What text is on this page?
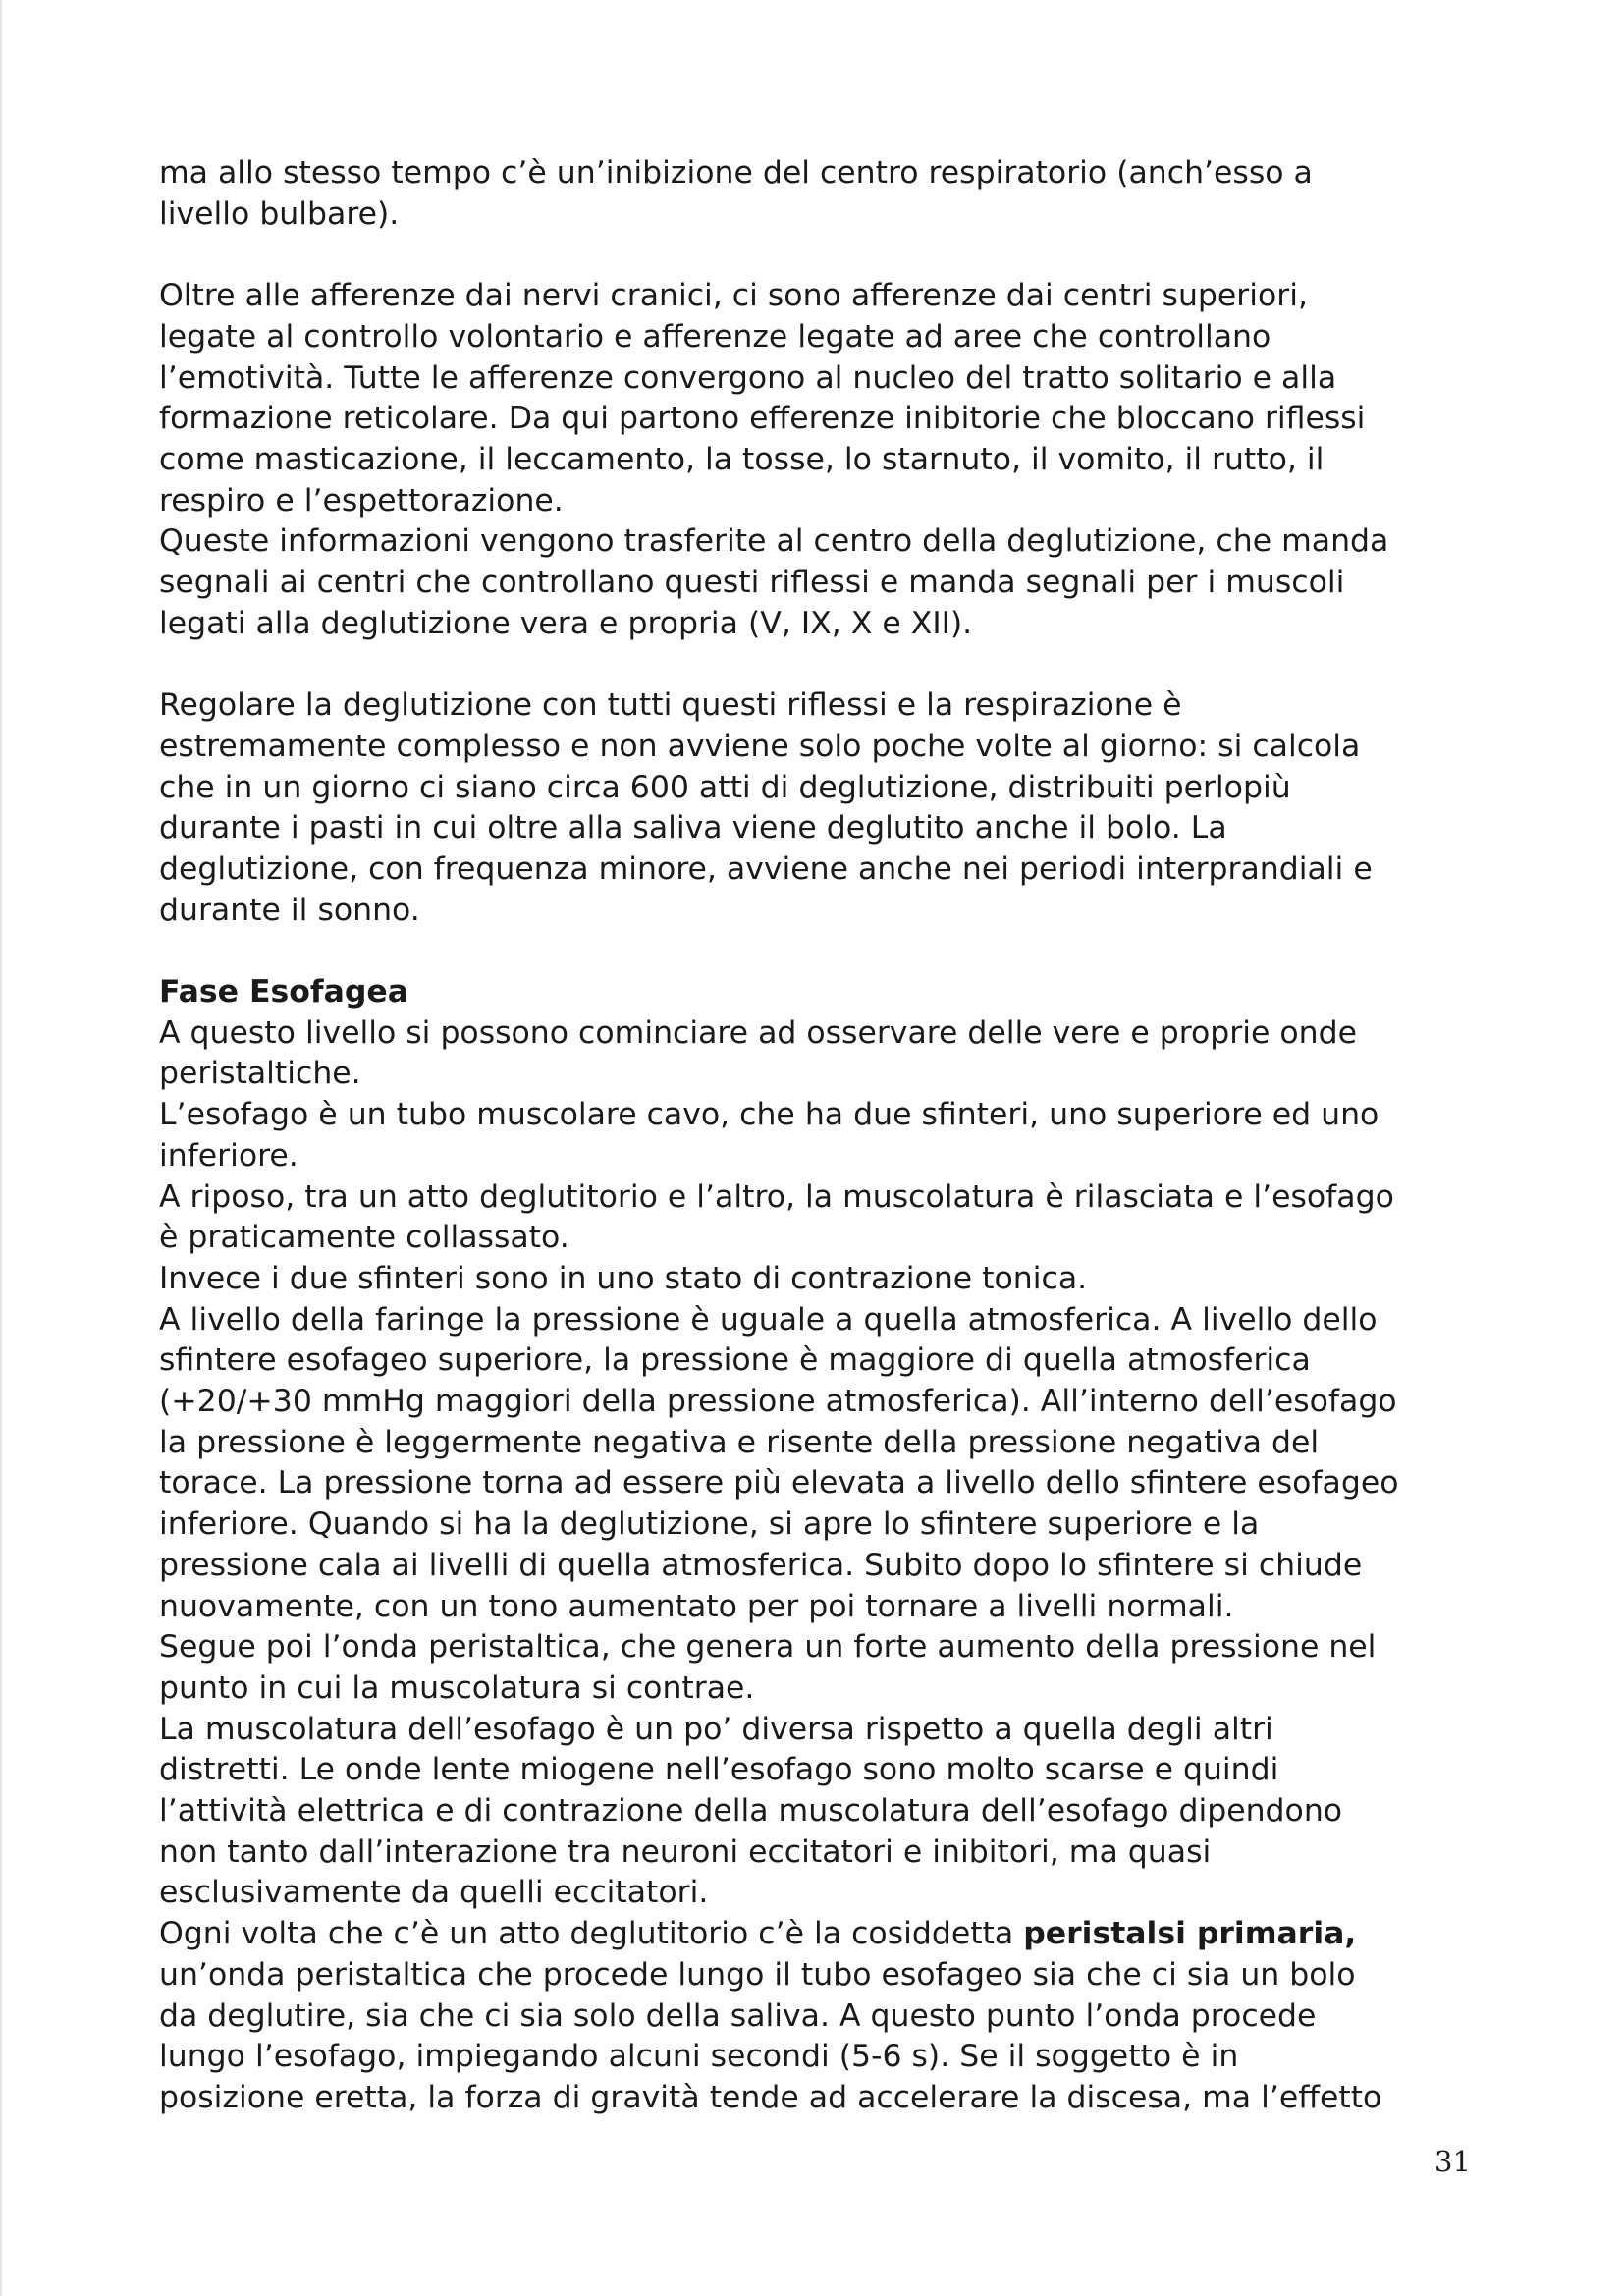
ma allo stesso tempo c’è un’inibizione del centro respiratorio (anch’esso a
livello bulbare).

Oltre alle afferenze dai nervi cranici, ci sono afferenze dai centri superiori,
legate al controllo volontario e afferenze legate ad aree che controllano
l’emotività. Tutte le afferenze convergono al nucleo del tratto solitario e alla
formazione reticolare. Da qui partono efferenze inibitorie che bloccano riflessi
come masticazione, il leccamento, la tosse, lo starnuto, il vomito, il rutto, il
respiro e l’espettorazione.

Queste informazioni vengono trasferite al centro della deglutizione, che manda
segnali ai centri che controllano questi riflessi e manda segnali per i muscoli
legati alla deglutizione vera e propria (V, IX, X e XII).

Regolare la deglutizione con tutti questi riflessi e la respirazione è
estremamente complesso e non avviene solo poche volte al giorno: si calcola
che in un giorno ci siano circa 600 atti di deglutizione, distribuiti perlopiù
durante i pasti in cui oltre alla saliva viene deglutito anche il bolo. La
deglutizione, con frequenza minore, avviene anche nei periodi interprandiali e
durante il sonno.

Fase Esofagea

A questo livello si possono cominciare ad osservare delle vere e proprie onde
peristaltiche.

L’esofago è un tubo muscolare cavo, che ha due sfinteri, uno superiore ed uno
inferiore.

A riposo, tra un atto deglutitorio e l’altro, la muscolatura è rilasciata e l’esofago
è praticamente collassato.

Invece i due sfinteri sono in uno stato di contrazione tonica.

A livello della faringe la pressione è uguale a quella atmosferica. A livello dello
sfintere esofageo superiore, la pressione è maggiore di quella atmosferica
(+20/+30 mmHg maggiori della pressione atmosferica). All’interno dell’esofago
la pressione è leggermente negativa e risente della pressione negativa del
torace. La pressione torna ad essere più elevata a livello dello sfintere esofageo
inferiore. Quando si ha la deglutizione, si apre lo sfintere superiore e la
pressione cala ai livelli di quella atmosferica. Subito dopo lo sfintere si chiude
nuovamente, con un tono aumentato per poi tornare a livelli normali.

Segue poi l’onda peristaltica, che genera un forte aumento della pressione nel
punto in cui la muscolatura si contrae.

La muscolatura dell’esofago è un po’ diversa rispetto a quella degli altri
distretti. Le onde lente miogene nell’esofago sono molto scarse e quindi
l’attività elettrica e di contrazione della muscolatura dell’esofago dipendono
non tanto dall’interazione tra neuroni eccitatori e inibitori, ma quasi
esclusivamente da quelli eccitatori.

Ogni volta che c’è un atto deglutitorio c’è la cosiddetta peristalsi primaria,
un’onda peristaltica che procede lungo il tubo esofageo sia che ci sia un bolo
da deglutire, sia che ci sia solo della saliva. A questo punto l’onda procede
lungo l’esofago, impiegando alcuni secondi (5-6 s). Se il soggetto è in
posizione eretta, la forza di gravità tende ad accelerare la discesa, ma l’effetto

31
